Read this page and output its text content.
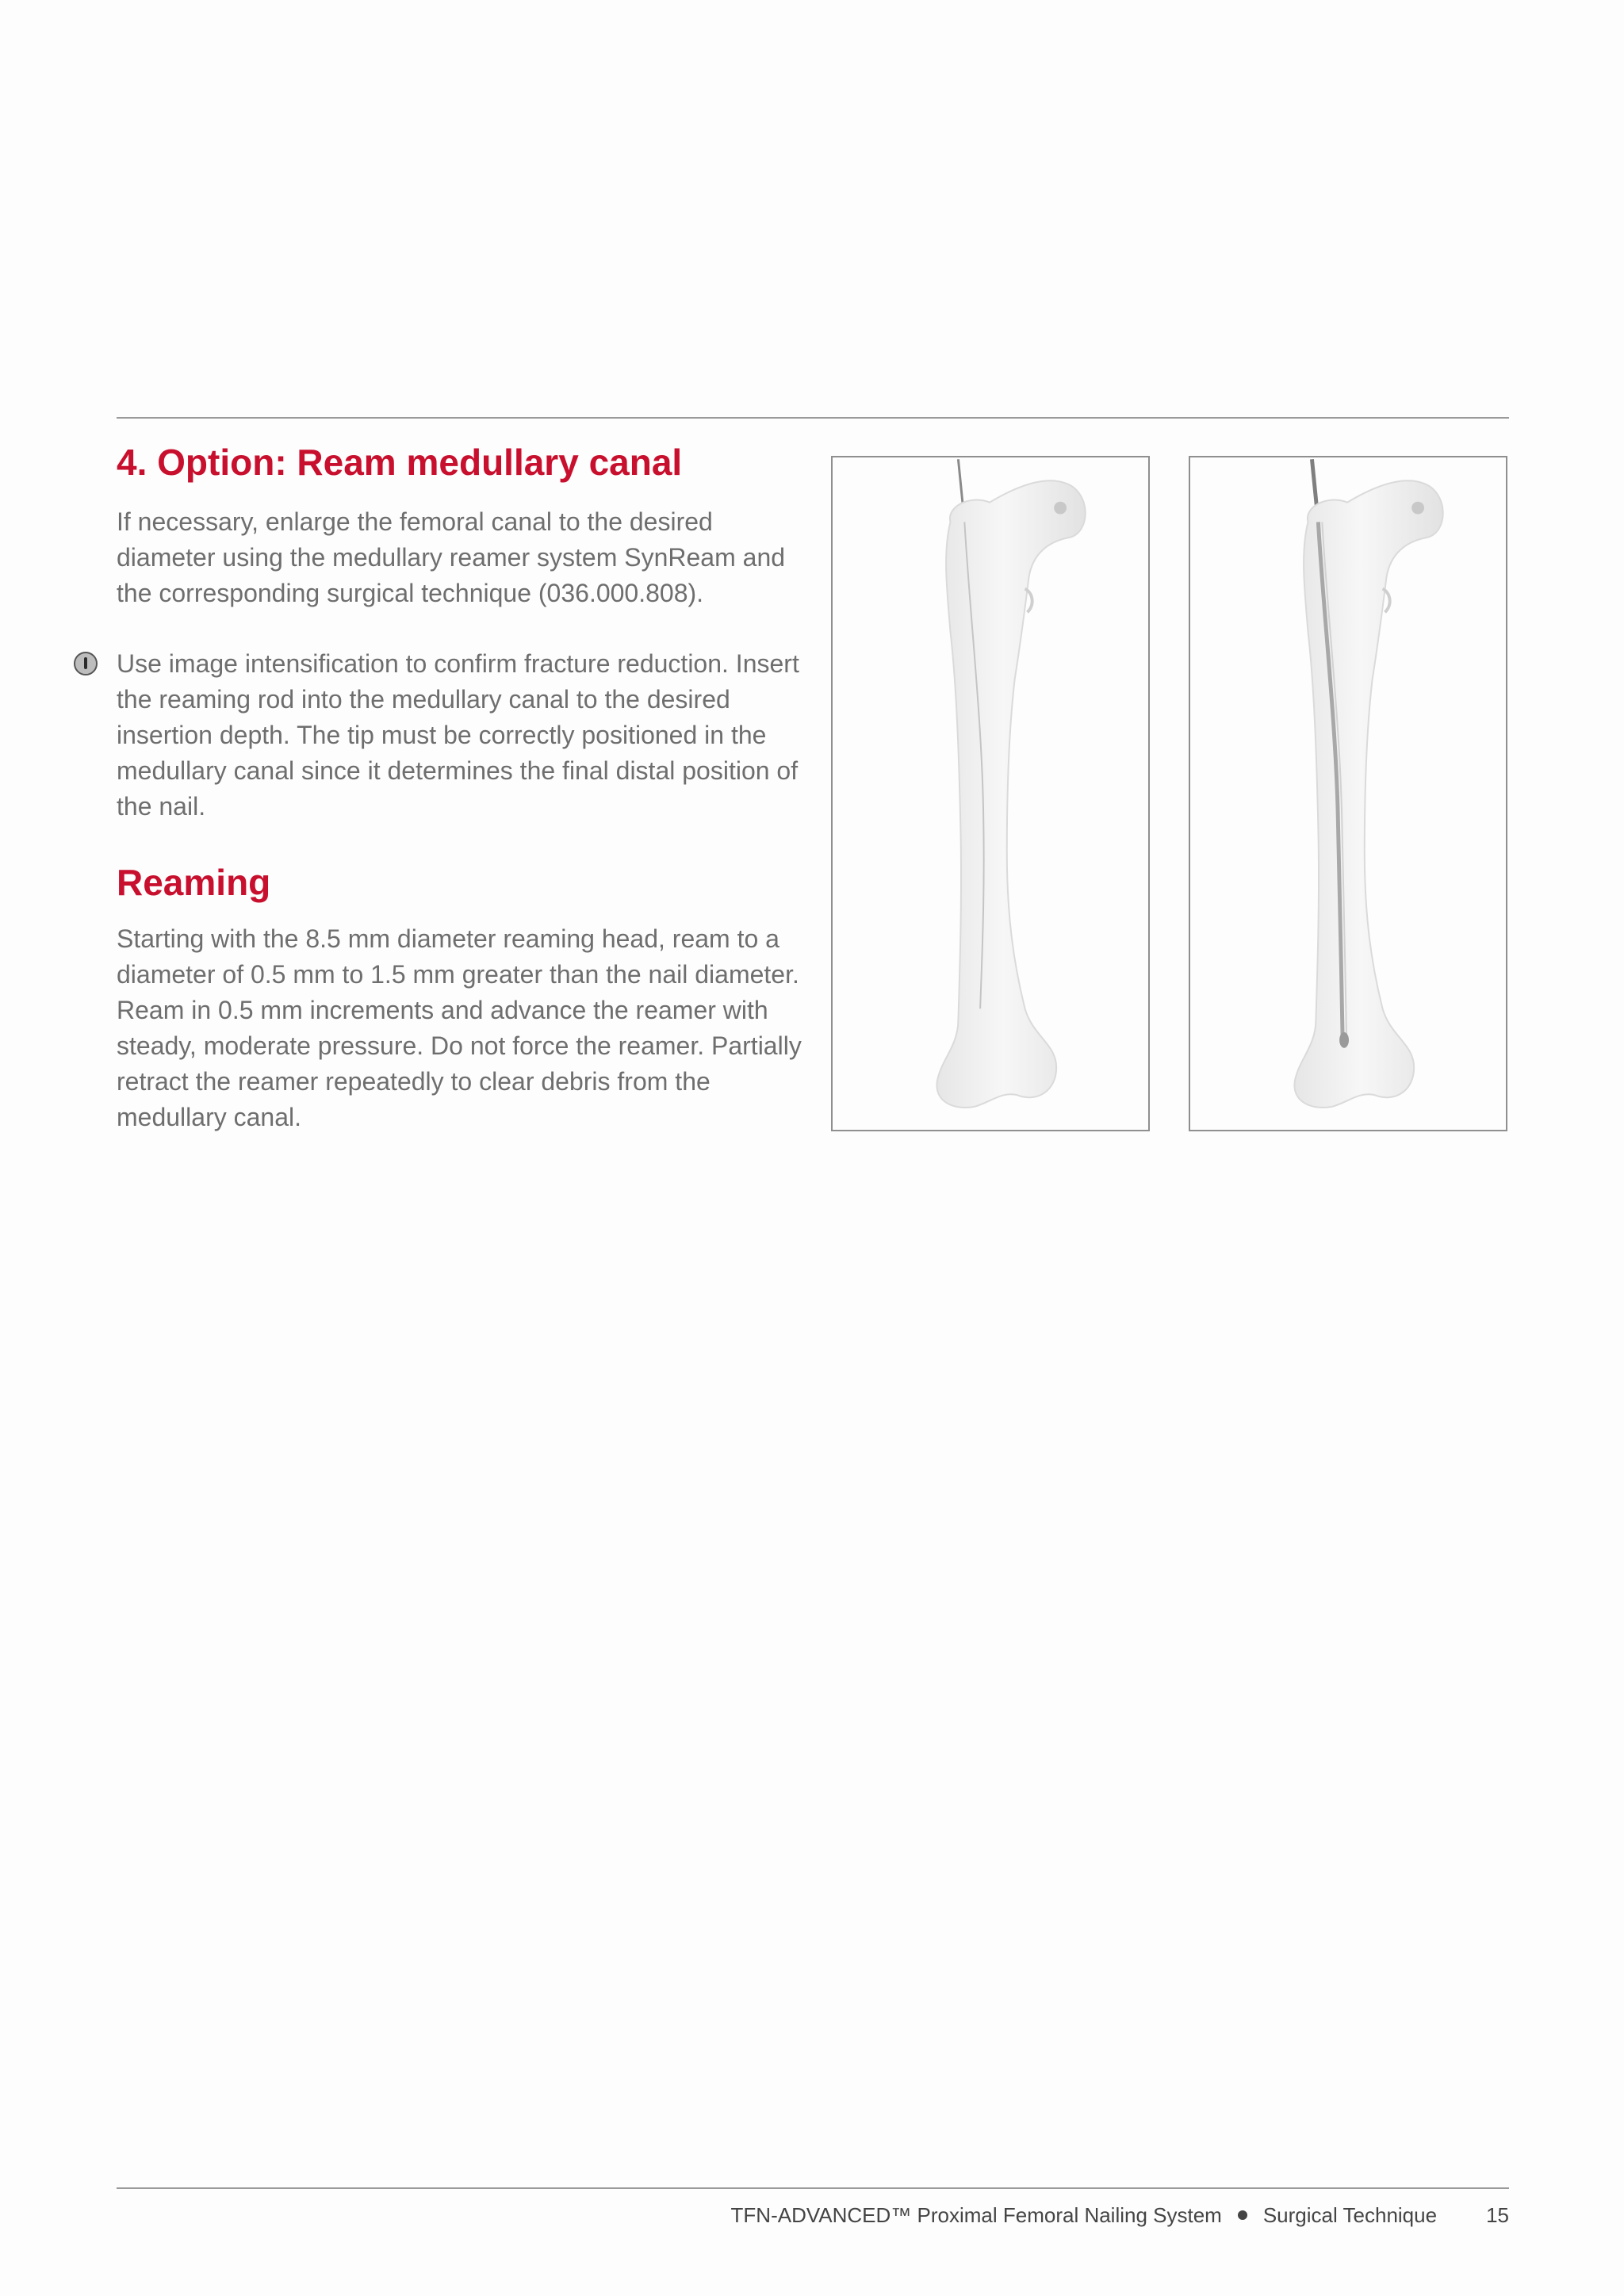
4. Option: Ream medullary canal

If necessary, enlarge the femoral canal to the desired diameter using the medullary reamer system SynReam and the corresponding surgical technique (036.000.808).

Use image intensification to confirm fracture reduction. Insert the reaming rod into the medullary canal to the desired insertion depth. The tip must be correctly positioned in the medullary canal since it determines the final distal position of the nail.

Reaming

Starting with the 8.5 mm diameter reaming head, ream to a diameter of 0.5 mm to 1.5 mm greater than the nail diameter. Ream in 0.5 mm increments and advance the reamer with steady, moderate pressure. Do not force the reamer. Partially retract the reamer repeatedly to clear debris from the medullary canal.

TFN-ADVANCED™ Proximal Femoral Nailing System Surgical Technique 15
